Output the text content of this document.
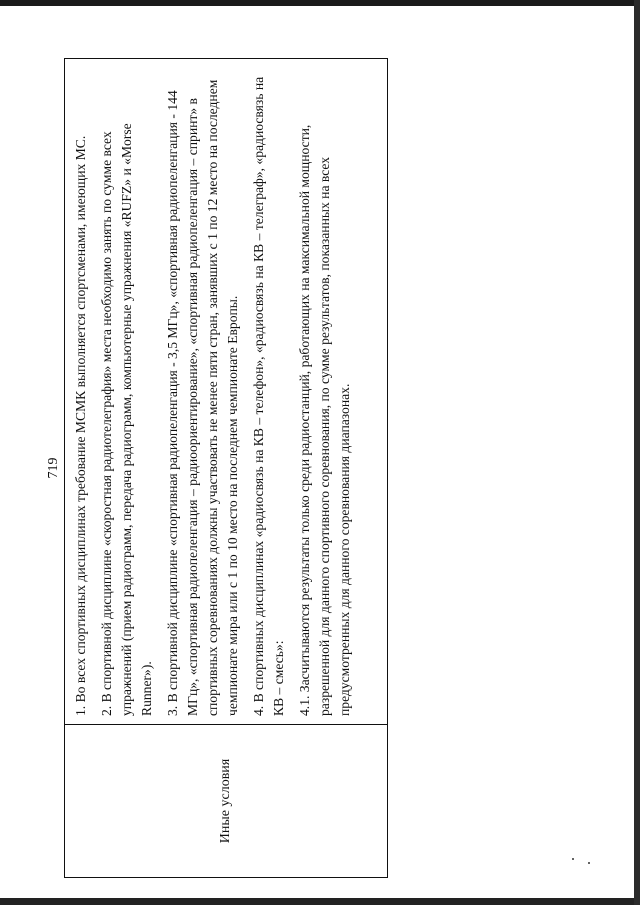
719
Иные условия

1. Во всех спортивных дисциплинах требование МСМК выполняется спортсменами, имеющих МС. 2. В спортивной дисциплине «скоростная радиотелеграфия» места необходимо занять по сумме всех упражнений (прием радиограмм, передача радиограмм, компьютерные упражнения «RUFZ» и «Morse Runner»). 3. В спортивной дисциплине «спортивная радиопеленгация - 3,5 МГц», «спортивная радиопеленгация - 144 МГц», «спортивная радиопеленгация – радиоориентирование», «спортивная радиопеленгация – спринт» в спортивных соревнованиях должны участвовать не менее пяти стран, занявших с 1 по 12 место на последнем чемпионате мира или с 1 по 10 место на последнем чемпионате Европы. 4. В спортивных дисциплинах «радиосвязь на КВ – телефон», «радиосвязь на КВ – телеграф», «радиосвязь на КВ – смесь»: 4.1. Засчитываются результаты только среди радиостанций, работающих на максимальной мощности, разрешенной для данного спортивного соревнования, по сумме результатов, показанных на всех предусмотренных для данного соревнования диапазонах.
